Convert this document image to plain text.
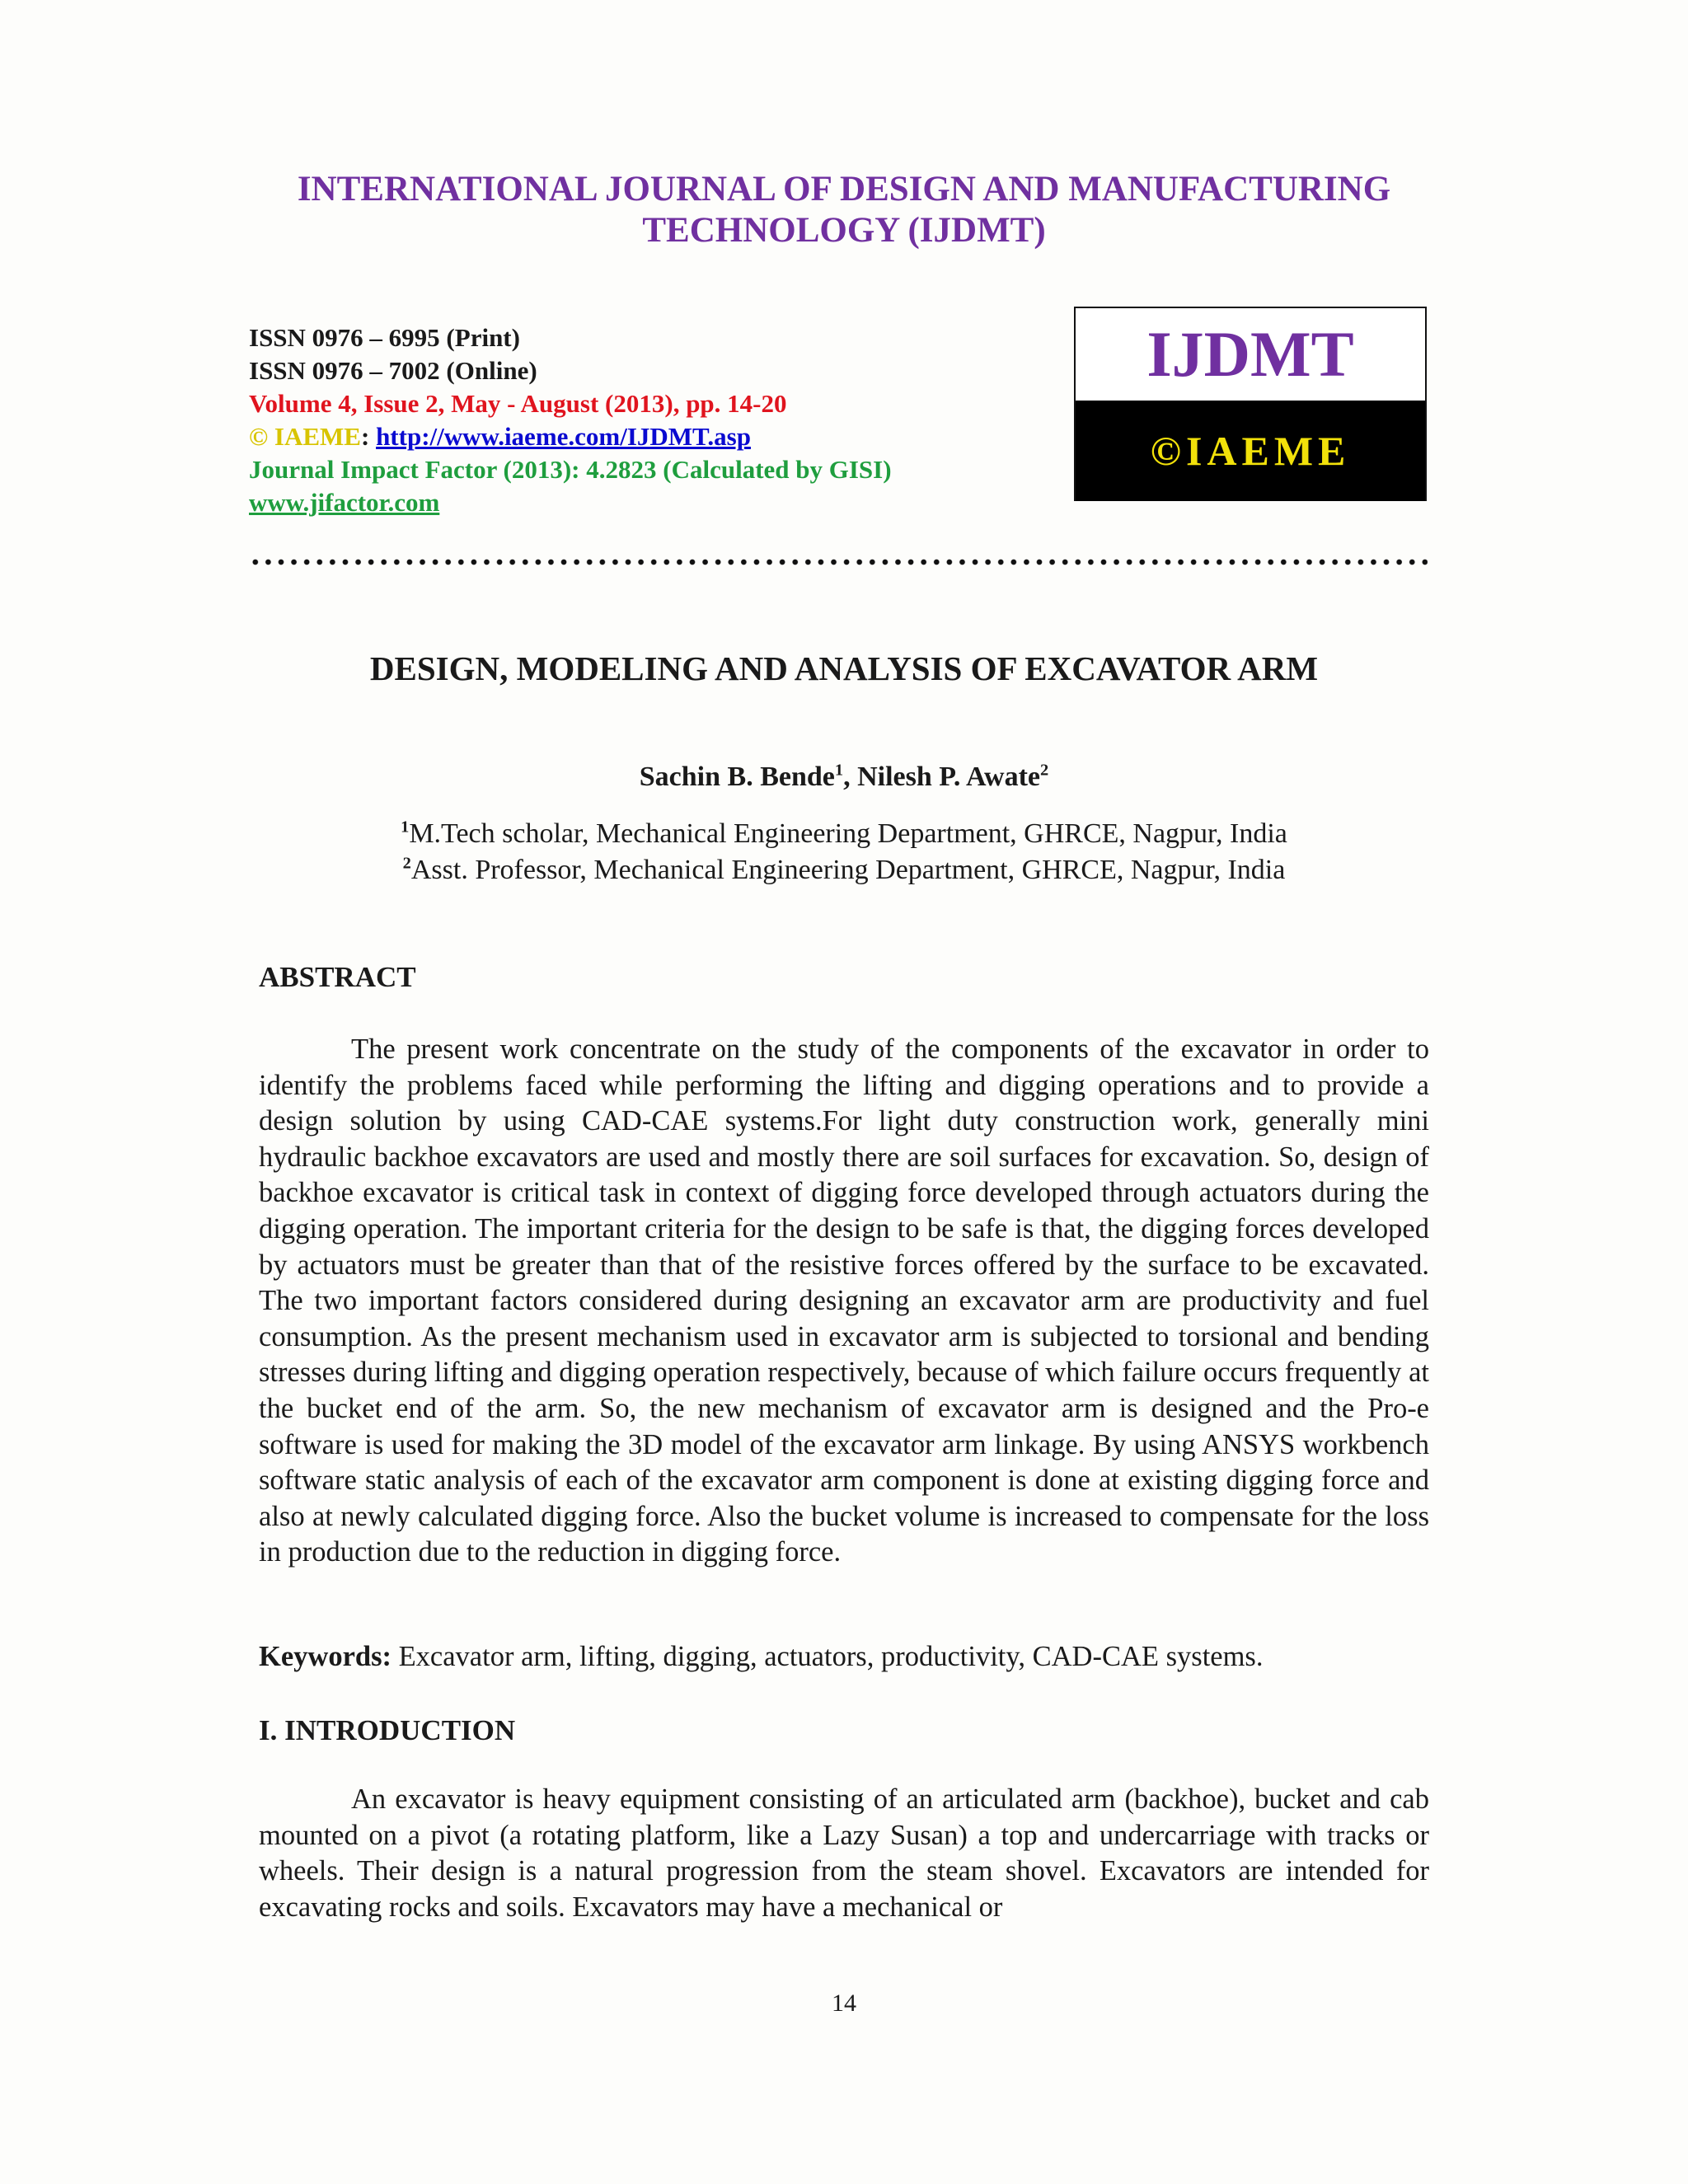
INTERNATIONAL JOURNAL OF DESIGN AND MANUFACTURING
TECHNOLOGY (IJDMT)
ISSN 0976 – 6995 (Print)
ISSN 0976 – 7002 (Online)
Volume 4, Issue 2, May - August (2013), pp. 14-20
© IAEME: http://www.iaeme.com/IJDMT.asp
Journal Impact Factor (2013): 4.2823 (Calculated by GISI)
www.jifactor.com
IJDMT
©IAEME
DESIGN, MODELING AND ANALYSIS OF EXCAVATOR ARM
Sachin B. Bende$^1$, Nilesh P. Awate$^2$
$^1$M.Tech scholar, Mechanical Engineering Department, GHRCE, Nagpur, India
$^2$Asst. Professor, Mechanical Engineering Department, GHRCE, Nagpur, India
ABSTRACT
The present work concentrate on the study of the components of the excavator in order to identify the problems faced while performing the lifting and digging operations and to provide a design solution by using CAD-CAE systems.For light duty construction work, generally mini hydraulic backhoe excavators are used and mostly there are soil surfaces for excavation. So, design of backhoe excavator is critical task in context of digging force developed through actuators during the digging operation. The important criteria for the design to be safe is that, the digging forces developed by actuators must be greater than that of the resistive forces offered by the surface to be excavated. The two important factors considered during designing an excavator arm are productivity and fuel consumption. As the present mechanism used in excavator arm is subjected to torsional and bending stresses during lifting and digging operation respectively, because of which failure occurs frequently at the bucket end of the arm. So, the new mechanism of excavator arm is designed and the Pro-e software is used for making the 3D model of the excavator arm linkage. By using ANSYS workbench software static analysis of each of the excavator arm component is done at existing digging force and also at newly calculated digging force. Also the bucket volume is increased to compensate for the loss in production due to the reduction in digging force.
Keywords: Excavator arm, lifting, digging, actuators, productivity, CAD-CAE systems.
I. INTRODUCTION
An excavator is heavy equipment consisting of an articulated arm (backhoe), bucket and cab mounted on a pivot (a rotating platform, like a Lazy Susan) a top and undercarriage with tracks or wheels. Their design is a natural progression from the steam shovel. Excavators are intended for excavating rocks and soils. Excavators may have a mechanical or
14
